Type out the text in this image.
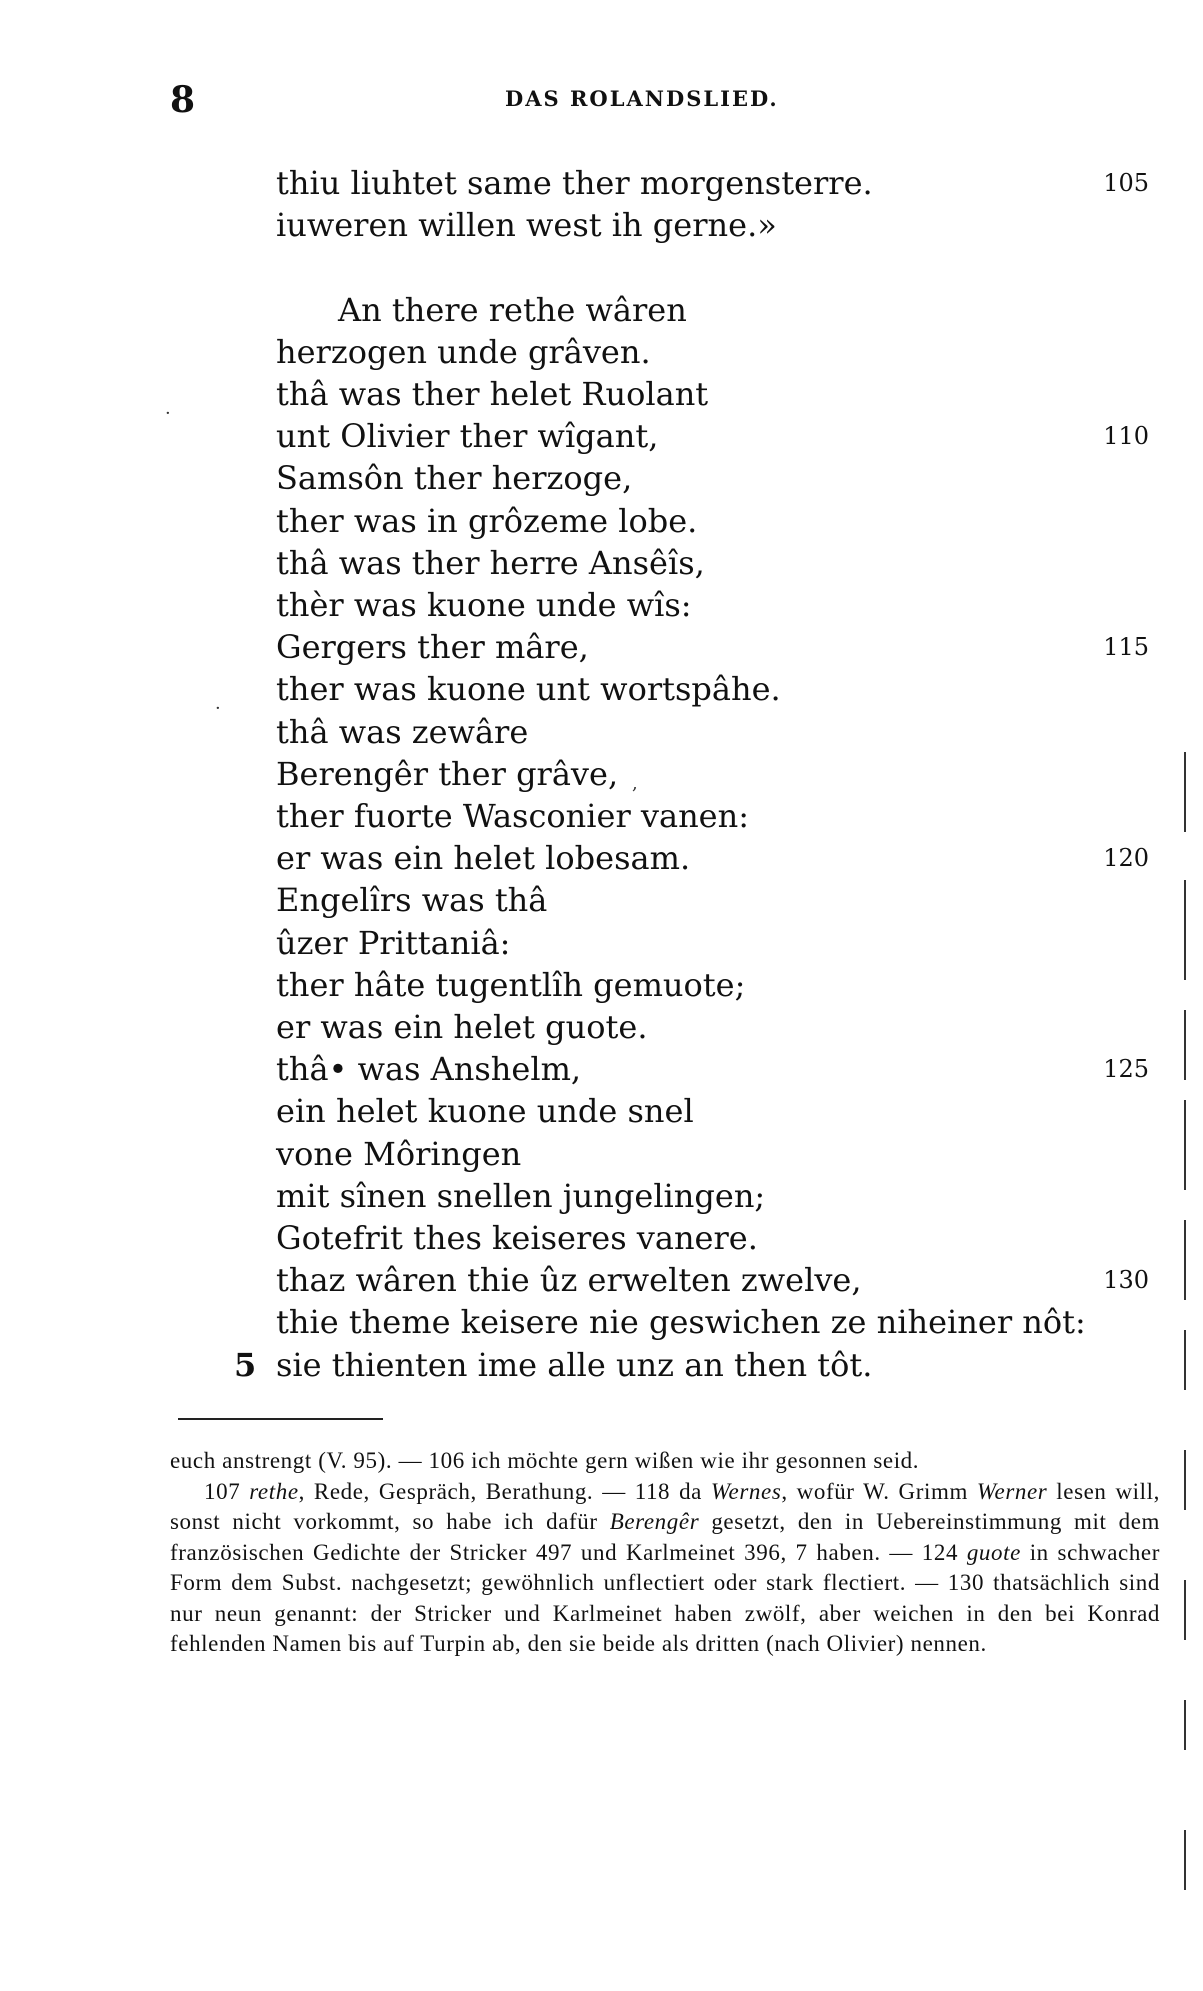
8	DAS ROLANDSLIED.
thiu liuhtet same ther morgensterre.	105
iuweren willen west ih gerne.»
An there rethe wâren
herzogen unde grâven.
thâ was ther helet Ruolant
unt Olivier ther wîgant,	110
Samsôn ther herzoge,
ther was in grôzeme lobe.
thâ was ther herre Ansêîs,
thèr was kuone unde wîs:
Gergers ther mâre,	115
ther was kuone unt wortspâhe.
thâ was zewâre
Berengêr ther grâve,
ther fuorte Wasconier vanen:
er was ein helet lobesam.	120
Engelîrs was thâ
ûzer Prittaniâ:
ther hâte tugentlîh gemuote;
er was ein helet guote.
thâ• was Anshelm,	125
ein helet kuone unde snel
vone Môringen
mit sînen snellen jungelingen;
Gotefrit thes keiseres vanere.
thaz wâren thie ûz erwelten zwelve,	130
thie theme keisere nie geswichen ze niheiner nôt:
sie thienten ime alle unz an then tôt.
5

euch anstrengt (V. 95). — 106 ich möchte gern wißen wie ihr gesonnen seid.

107 rethe, Rede, Gespräch, Berathung. — 118 da Wernes, wofür W. Grimm Werner lesen will, sonst nicht vorkommt, so habe ich dafür Berengêr gesetzt, den in Uebereinstimmung mit dem französischen Gedichte der Stricker 497 und Karlmeinet 396, 7 haben. — 124 guote in schwacher Form dem Subst. nachgesetzt; gewöhnlich unflectiert oder stark flectiert. — 130 thatsächlich sind nur neun genannt: der Stricker und Karlmeinet haben zwölf, aber weichen in den bei Konrad fehlenden Namen bis auf Turpin ab, den sie beide als dritten (nach Olivier) nennen.

·
·
,
